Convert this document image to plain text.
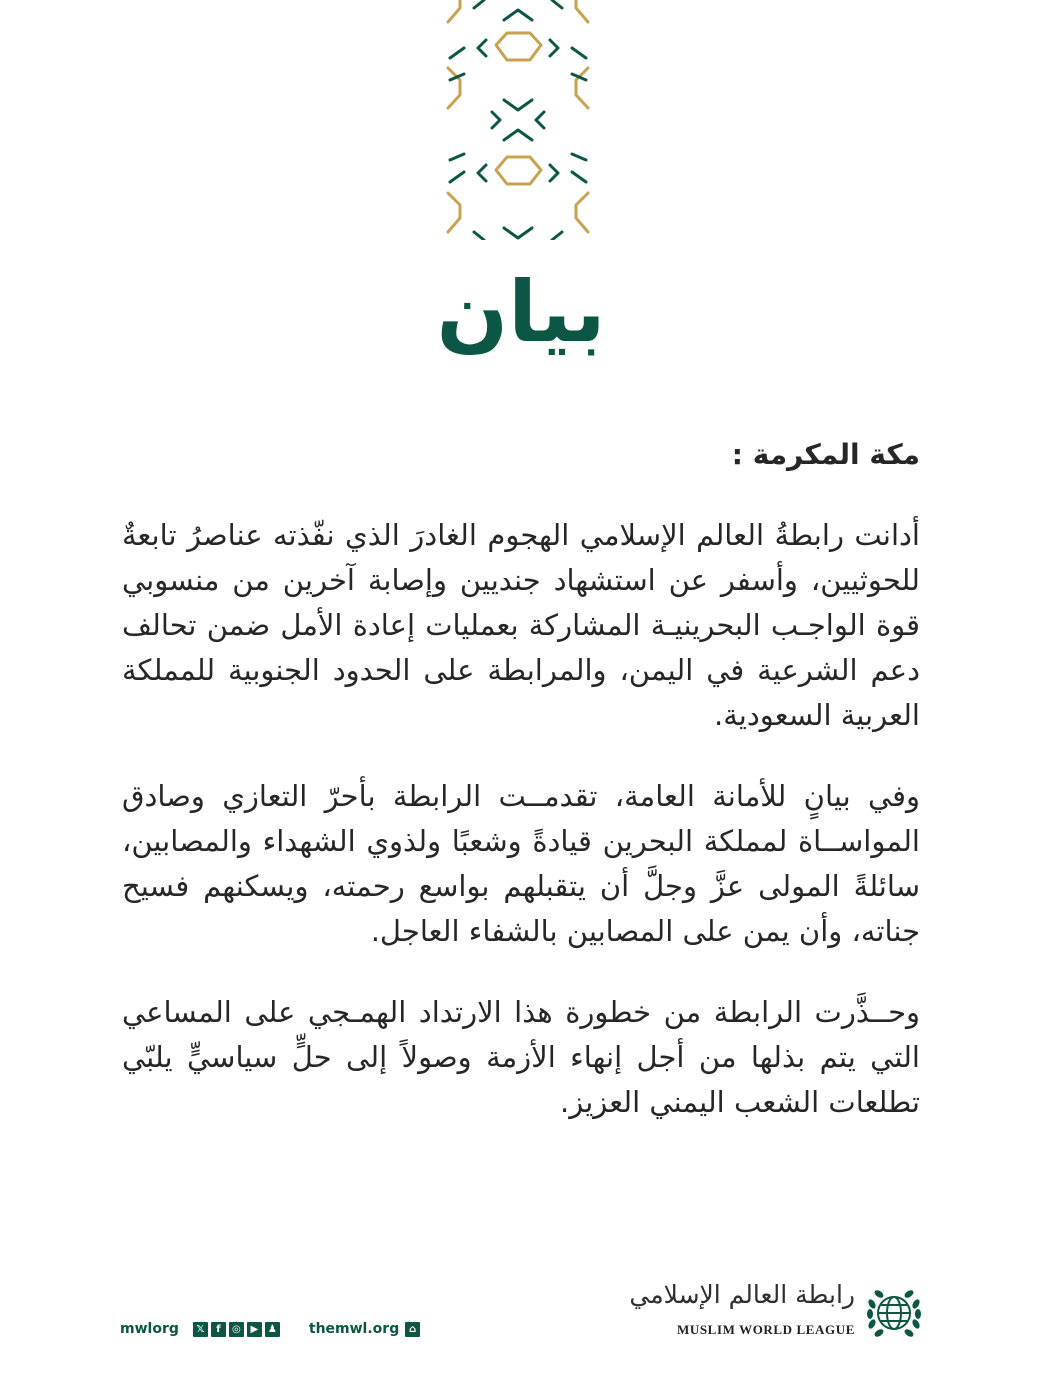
بيان

مكة المكرمة :

أدانت رابطةُ العالم الإسلامي الهجوم الغادرَ الذي نفّذته عناصرُ تابعةٌ للحوثيين، وأسفر عن استشهاد جنديين وإصابة آخرين من منسوبي قوة الواجـب البحرينيـة المشاركة بعمليات إعادة الأمل ضمن تحالف دعم الشرعية في اليمن، والمرابطة على الحدود الجنوبية للمملكة العربية السعودية.

وفي بيانٍ للأمانة العامة، تقدمــت الرابطة بأحرّ التعازي وصادق المواســاة لمملكة البحرين قيادةً وشعبًا ولذوي الشهداء والمصابين، سائلةً المولى عزَّ وجلَّ أن يتقبلهم بواسع رحمته، ويسكنهم فسيح جناته، وأن يمن على المصابين بالشفاء العاجل.

وحــذَّرت الرابطة من خطورة هذا الارتداد الهمـجي على المساعي التي يتم بذلها من أجل إنهاء الأزمة وصولاً إلى حلٍّ سياسيٍّ يلبّي تطلعات الشعب اليمني العزيز.

mwlorg	𝕏	f	◎ ▶ ♟ themwl.org ⌂
رابطة العالم الإسلامي
MUSLIM WORLD LEAGUE
